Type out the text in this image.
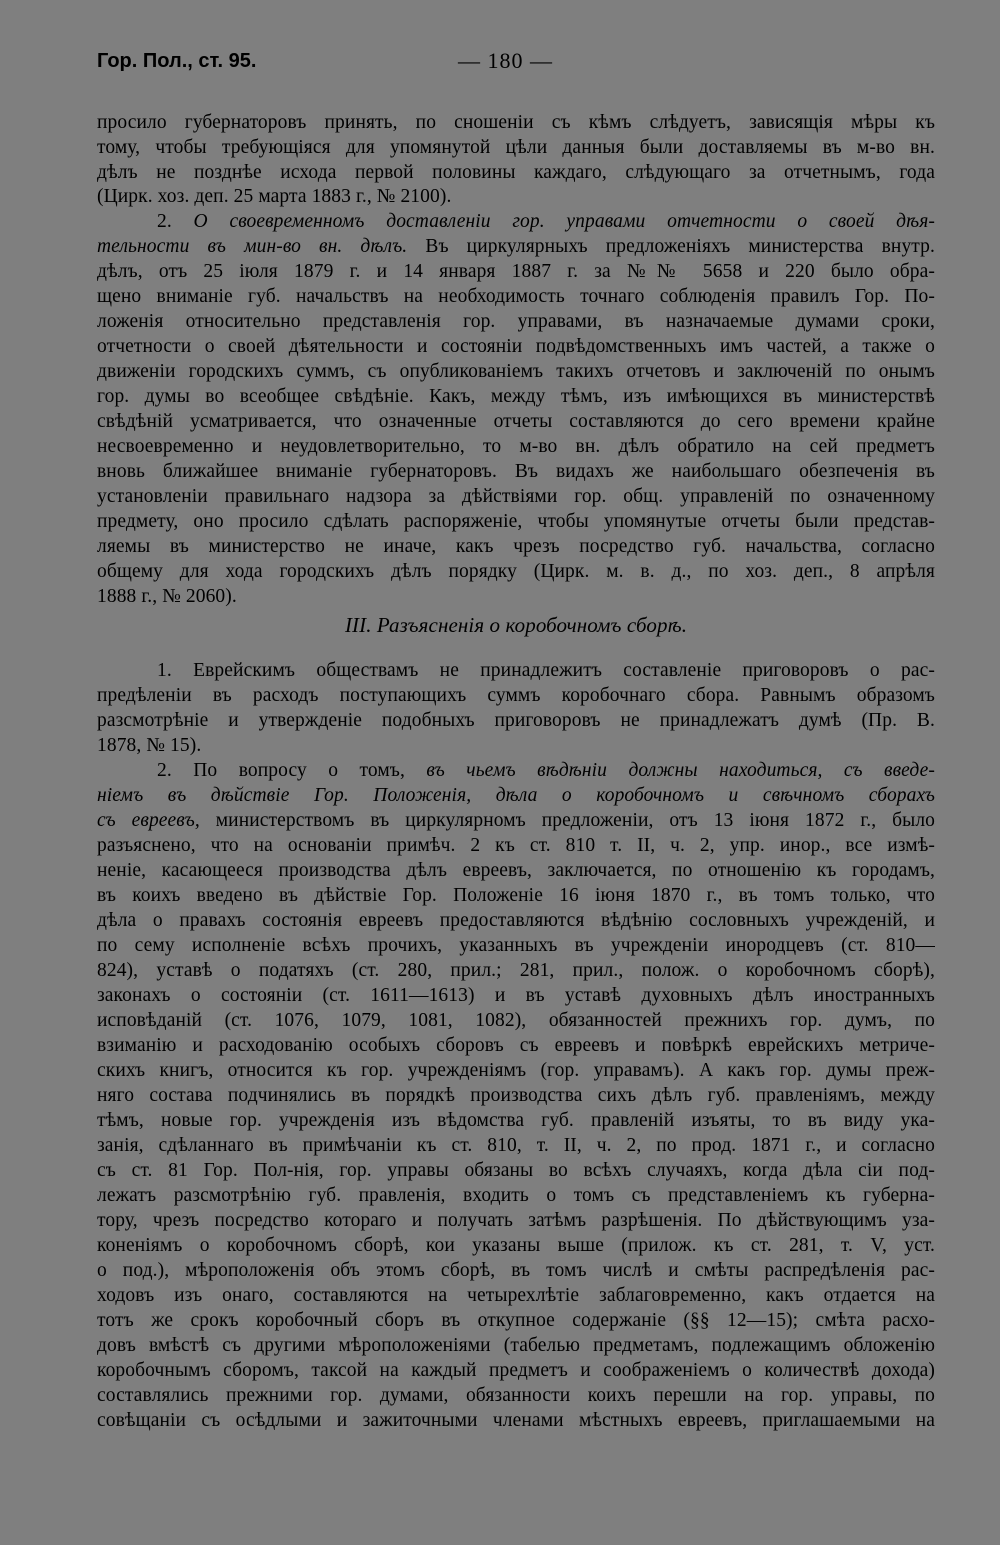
Гор. Пол., ст. 95.	— 180 —
просило губернаторовъ принять, по сношеніи съ кѣмъ слѣдуетъ, зависящія мѣры къ
тому, чтобы требующіяся для упомянутой цѣли данныя были доставляемы въ м-во вн.
дѣлъ не позднѣе исхода первой половины каждаго, слѣдующаго за отчетнымъ, года
(Цирк. хоз. деп. 25 марта 1883 г., № 2100).
2. О своевременномъ доставленіи гор. управами отчетности о своей дѣя-
тельности въ мин-во вн. дѣлъ. Въ циркулярныхъ предложеніяхъ министерства внутр.
дѣлъ, отъ 25 іюля 1879 г. и 14 января 1887 г. за №№ 5658 и 220 было обра-
щено вниманіе губ. начальствъ на необходимость точнаго соблюденія правилъ Гор. По-
ложенія относительно представленія гор. управами, въ назначаемые думами сроки,
отчетности о своей дѣятельности и состояніи подвѣдомственныхъ имъ частей, а также о
движеніи городскихъ суммъ, съ опубликованіемъ такихъ отчетовъ и заключеній по онымъ
гор. думы во всеобщее свѣдѣніе. Какъ, между тѣмъ, изъ имѣющихся въ министерствѣ
свѣдѣній усматривается, что означенные отчеты составляются до сего времени крайне
несвоевременно и неудовлетворительно, то м-во вн. дѣлъ обратило на сей предметъ
вновь ближайшее вниманіе губернаторовъ. Въ видахъ же наибольшаго обезпеченія въ
установленіи правильнаго надзора за дѣйствіями гор. общ. управленій по означенному
предмету, оно просило сдѣлать распоряженіе, чтобы упомянутые отчеты были представ-
ляемы въ министерство не иначе, какъ чрезъ посредство губ. начальства, согласно
общему для хода городскихъ дѣлъ порядку (Цирк. м. в. д., по хоз. деп., 8 апрѣля
1888 г., № 2060).
III. Разъясненія о коробочномъ сборѣ.
1. Еврейскимъ обществамъ не принадлежитъ составленіе приговоровъ о рас-
предѣленіи въ расходъ поступающихъ суммъ коробочнаго сбора. Равнымъ образомъ
разсмотрѣніе и утвержденіе подобныхъ приговоровъ не принадлежатъ думѣ (Пр. В.
1878, № 15).
2. По вопросу о томъ, въ чьемъ вѣдѣніи должны находиться, съ введе-
ніемъ въ дѣйствіе Гор. Положенія, дѣла о коробочномъ и свѣчномъ сборахъ
съ евреевъ, министерствомъ въ циркулярномъ предложеніи, отъ 13 іюня 1872 г., было
разъяснено, что на основаніи примѣч. 2 къ ст. 810 т. II, ч. 2, упр. инор., все измѣ-
неніе, касающееся производства дѣлъ евреевъ, заключается, по отношенію къ городамъ,
въ коихъ введено въ дѣйствіе Гор. Положеніе 16 іюня 1870 г., въ томъ только, что
дѣла о правахъ состоянія евреевъ предоставляются вѣдѣнію сословныхъ учрежденій, и
по сему исполненіе всѣхъ прочихъ, указанныхъ въ учрежденіи инородцевъ (ст. 810—
824), уставѣ о податяхъ (ст. 280, прил.; 281, прил., полож. о коробочномъ сборѣ),
законахъ о состояніи (ст. 1611—1613) и въ уставѣ духовныхъ дѣлъ иностранныхъ
исповѣданій (ст. 1076, 1079, 1081, 1082), обязанностей прежнихъ гор. думъ, по
взиманію и расходованію особыхъ сборовъ съ евреевъ и повѣркѣ еврейскихъ метриче-
скихъ книгъ, относится къ гор. учрежденіямъ (гор. управамъ). А какъ гор. думы преж-
няго состава подчинялись въ порядкѣ производства сихъ дѣлъ губ. правленіямъ, между
тѣмъ, новые гор. учрежденія изъ вѣдомства губ. правленій изъяты, то въ виду ука-
занія, сдѣланнаго въ примѣчаніи къ ст. 810, т. II, ч. 2, по прод. 1871 г., и согласно
съ ст. 81 Гор. Пол-нія, гор. управы обязаны во всѣхъ случаяхъ, когда дѣла сіи под-
лежатъ разсмотрѣнію губ. правленія, входить о томъ съ представленіемъ къ губерна-
тору, чрезъ посредство котораго и получать затѣмъ разрѣшенія. По дѣйствующимъ уза-
коненіямъ о коробочномъ сборѣ, кои указаны выше (прилож. къ ст. 281, т. V, уст.
о под.), мѣроположенія объ этомъ сборѣ, въ томъ числѣ и смѣты распредѣленія рас-
ходовъ изъ онаго, составляются на четырехлѣтіе заблаговременно, какъ отдается на
тотъ же срокъ коробочный сборъ въ откупное содержаніе (§§ 12—15); смѣта расхо-
довъ вмѣстѣ съ другими мѣроположеніями (табелью предметамъ, подлежащимъ обложенію
коробочнымъ сборомъ, таксой на каждый предметъ и соображеніемъ о количествѣ дохода)
составлялись прежними гор. думами, обязанности коихъ перешли на гор. управы, по
совѣщаніи съ осѣдлыми и зажиточными членами мѣстныхъ евреевъ, приглашаемыми на
